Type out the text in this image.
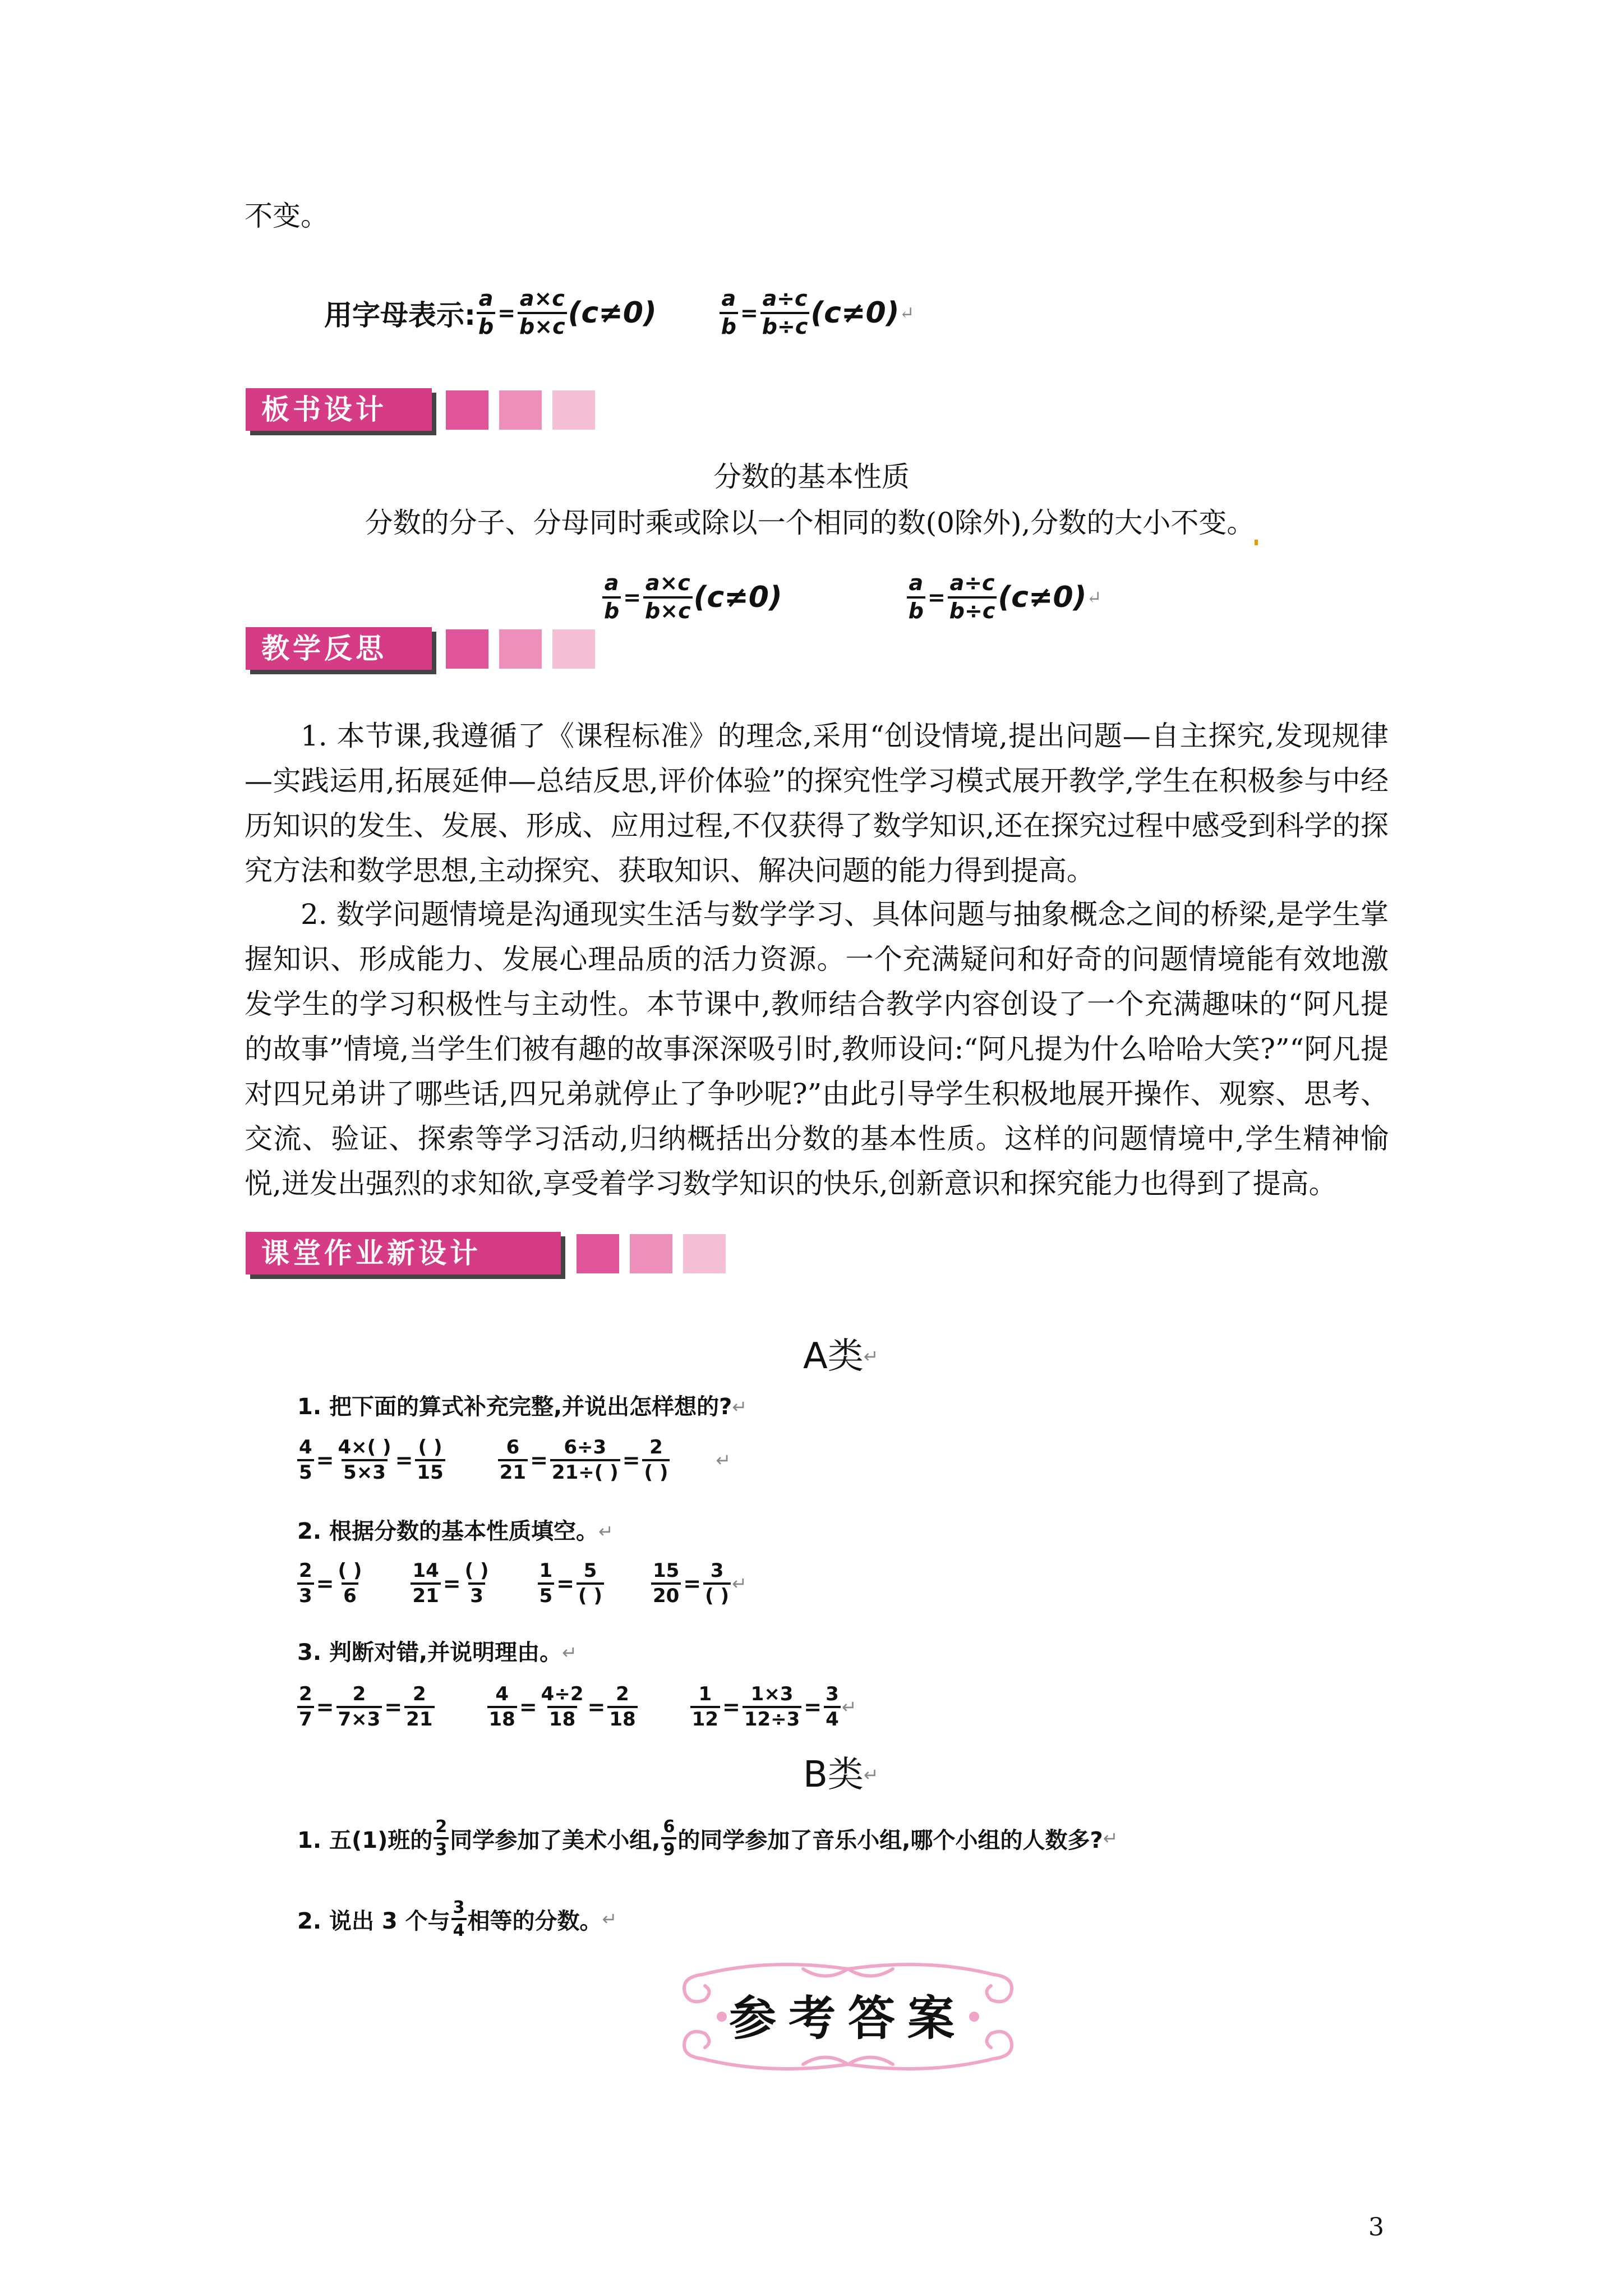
不变。
用字母表示: $\frac{a}{b} = \frac{a\times c}{b\times c} (c\ne 0)$	$\frac{a}{b} = \frac{a\div c}{b\div c} (c\ne 0)$ ↵
板书设计
分数的基本性质
分数的分子、分母同时乘或除以一个相同的数(0除外),分数的大小不变。
$\frac{a}{b} = \frac{a\times c}{b\times c} (c\ne 0)$	$\frac{a}{b} = \frac{a\div c}{b\div c} (c\ne 0)$ ↵
教学反思
1. 本节课,我遵循了《课程标准》的理念,采用“创设情境,提出问题—自主探究,发现规律—实践运用,拓展延伸—总结反思,评价体验”的探究性学习模式展开教学,学生在积极参与中经历知识的发生、发展、形成、应用过程,不仅获得了数学知识,还在探究过程中感受到科学的探究方法和数学思想,主动探究、获取知识、解决问题的能力得到提高。
2. 数学问题情境是沟通现实生活与数学学习、具体问题与抽象概念之间的桥梁,是学生掌握知识、形成能力、发展心理品质的活力资源。一个充满疑问和好奇的问题情境能有效地激发学生的学习积极性与主动性。本节课中,教师结合教学内容创设了一个充满趣味的“阿凡提的故事”情境,当学生们被有趣的故事深深吸引时,教师设问:“阿凡提为什么哈哈大笑?”“阿凡提对四兄弟讲了哪些话,四兄弟就停止了争吵呢?”由此引导学生积极地展开操作、观察、思考、交流、验证、探索等学习活动,归纳概括出分数的基本性质。这样的问题情境中,学生精神愉悦,迸发出强烈的求知欲,享受着学习数学知识的快乐,创新意识和探究能力也得到了提高。
课堂作业新设计
A类↵
1. 把下面的算式补充完整,并说出怎样想的?↵
$\frac{4}{5} = \frac{4\times( )}{5\times 3}$ =
( )
15	$\frac{6}{21} = \frac{6\div 3}{21\div( )}$ =
2
( )
↵
2. 根据分数的基本性质填空。↵
$\frac{2}{3}$ =
( )
6	$\frac{14}{21}$ =
( )
3	$\frac{1}{5}$ =
5
( )	$\frac{15}{20}$ =
3
( )
↵
3. 判断对错,并说明理由。↵
$\frac{2}{7} = \frac{2}{7\times 3} = \frac{2}{21}$	$\frac{4}{18} = \frac{4\div 2}{18} = \frac{2}{18}$	$\frac{1}{12} = \frac{1\times 3}{12\div 3} = \frac{3}{4}$ ↵
B类↵
1. 五(1)班的
2
3 同学参加了美术小组,
6
9 的同学参加了音乐小组,哪个小组的人数多? ↵
2. 说出 3 个与
3
4 相等的分数。 ↵
参考答案
3
